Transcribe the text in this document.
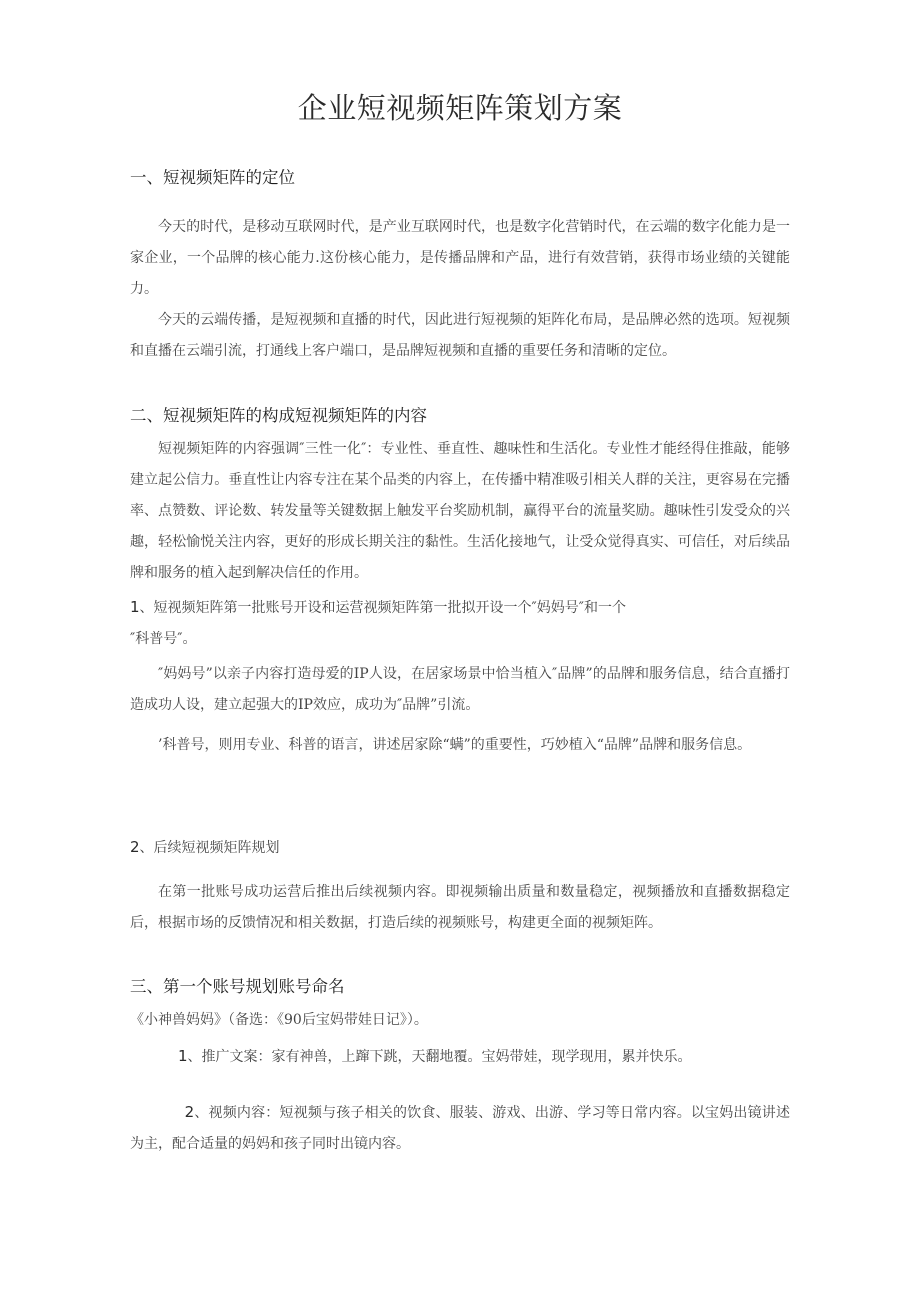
企业短视频矩阵策划方案
一、短视频矩阵的定位
今天的时代，是移动互联网时代，是产业互联网时代，也是数字化营销时代，在云端的数字化能力是一家企业，一个品牌的核心能力.这份核心能力，是传播品牌和产品，进行有效营销，获得市场业绩的关键能力。
今天的云端传播，是短视频和直播的时代，因此进行短视频的矩阵化布局，是品牌必然的选项。短视频和直播在云端引流，打通线上客户端口，是品牌短视频和直播的重要任务和清晰的定位。
二、短视频矩阵的构成短视频矩阵的内容
短视频矩阵的内容强调″三性一化″：专业性、垂直性、趣味性和生活化。专业性才能经得住推敲，能够建立起公信力。垂直性让内容专注在某个品类的内容上，在传播中精准吸引相关人群的关注，更容易在完播率、点赞数、评论数、转发量等关键数据上触发平台奖励机制，赢得平台的流量奖励。趣味性引发受众的兴趣，轻松愉悦关注内容，更好的形成长期关注的黏性。生活化接地气，让受众觉得真实、可信任，对后续品牌和服务的植入起到解决信任的作用。
1、短视频矩阵第一批账号开设和运营视频矩阵第一批拟开设一个″妈妈号″和一个
″科普号″。
″妈妈号”以亲子内容打造母爱的IP人设，在居家场景中恰当植入″品牌”的品牌和服务信息，结合直播打造成功人设，建立起强大的IP效应，成功为″品牌”引流。
’科普号，则用专业、科普的语言，讲述居家除“螨”的重要性，巧妙植入“品牌”品牌和服务信息。
2、后续短视频矩阵规划
在第一批账号成功运营后推出后续视频内容。即视频输出质量和数量稳定，视频播放和直播数据稳定后，根据市场的反馈情况和相关数据，打造后续的视频账号，构建更全面的视频矩阵。
三、第一个账号规划账号命名
《小神兽妈妈》（备选：《90后宝妈带娃日记》）。
1、推广文案：家有神兽，上蹿下跳，天翻地覆。宝妈带娃，现学现用，累并快乐。
2、视频内容：短视频与孩子相关的饮食、服装、游戏、出游、学习等日常内容。以宝妈出镜讲述为主，配合适量的妈妈和孩子同时出镜内容。
